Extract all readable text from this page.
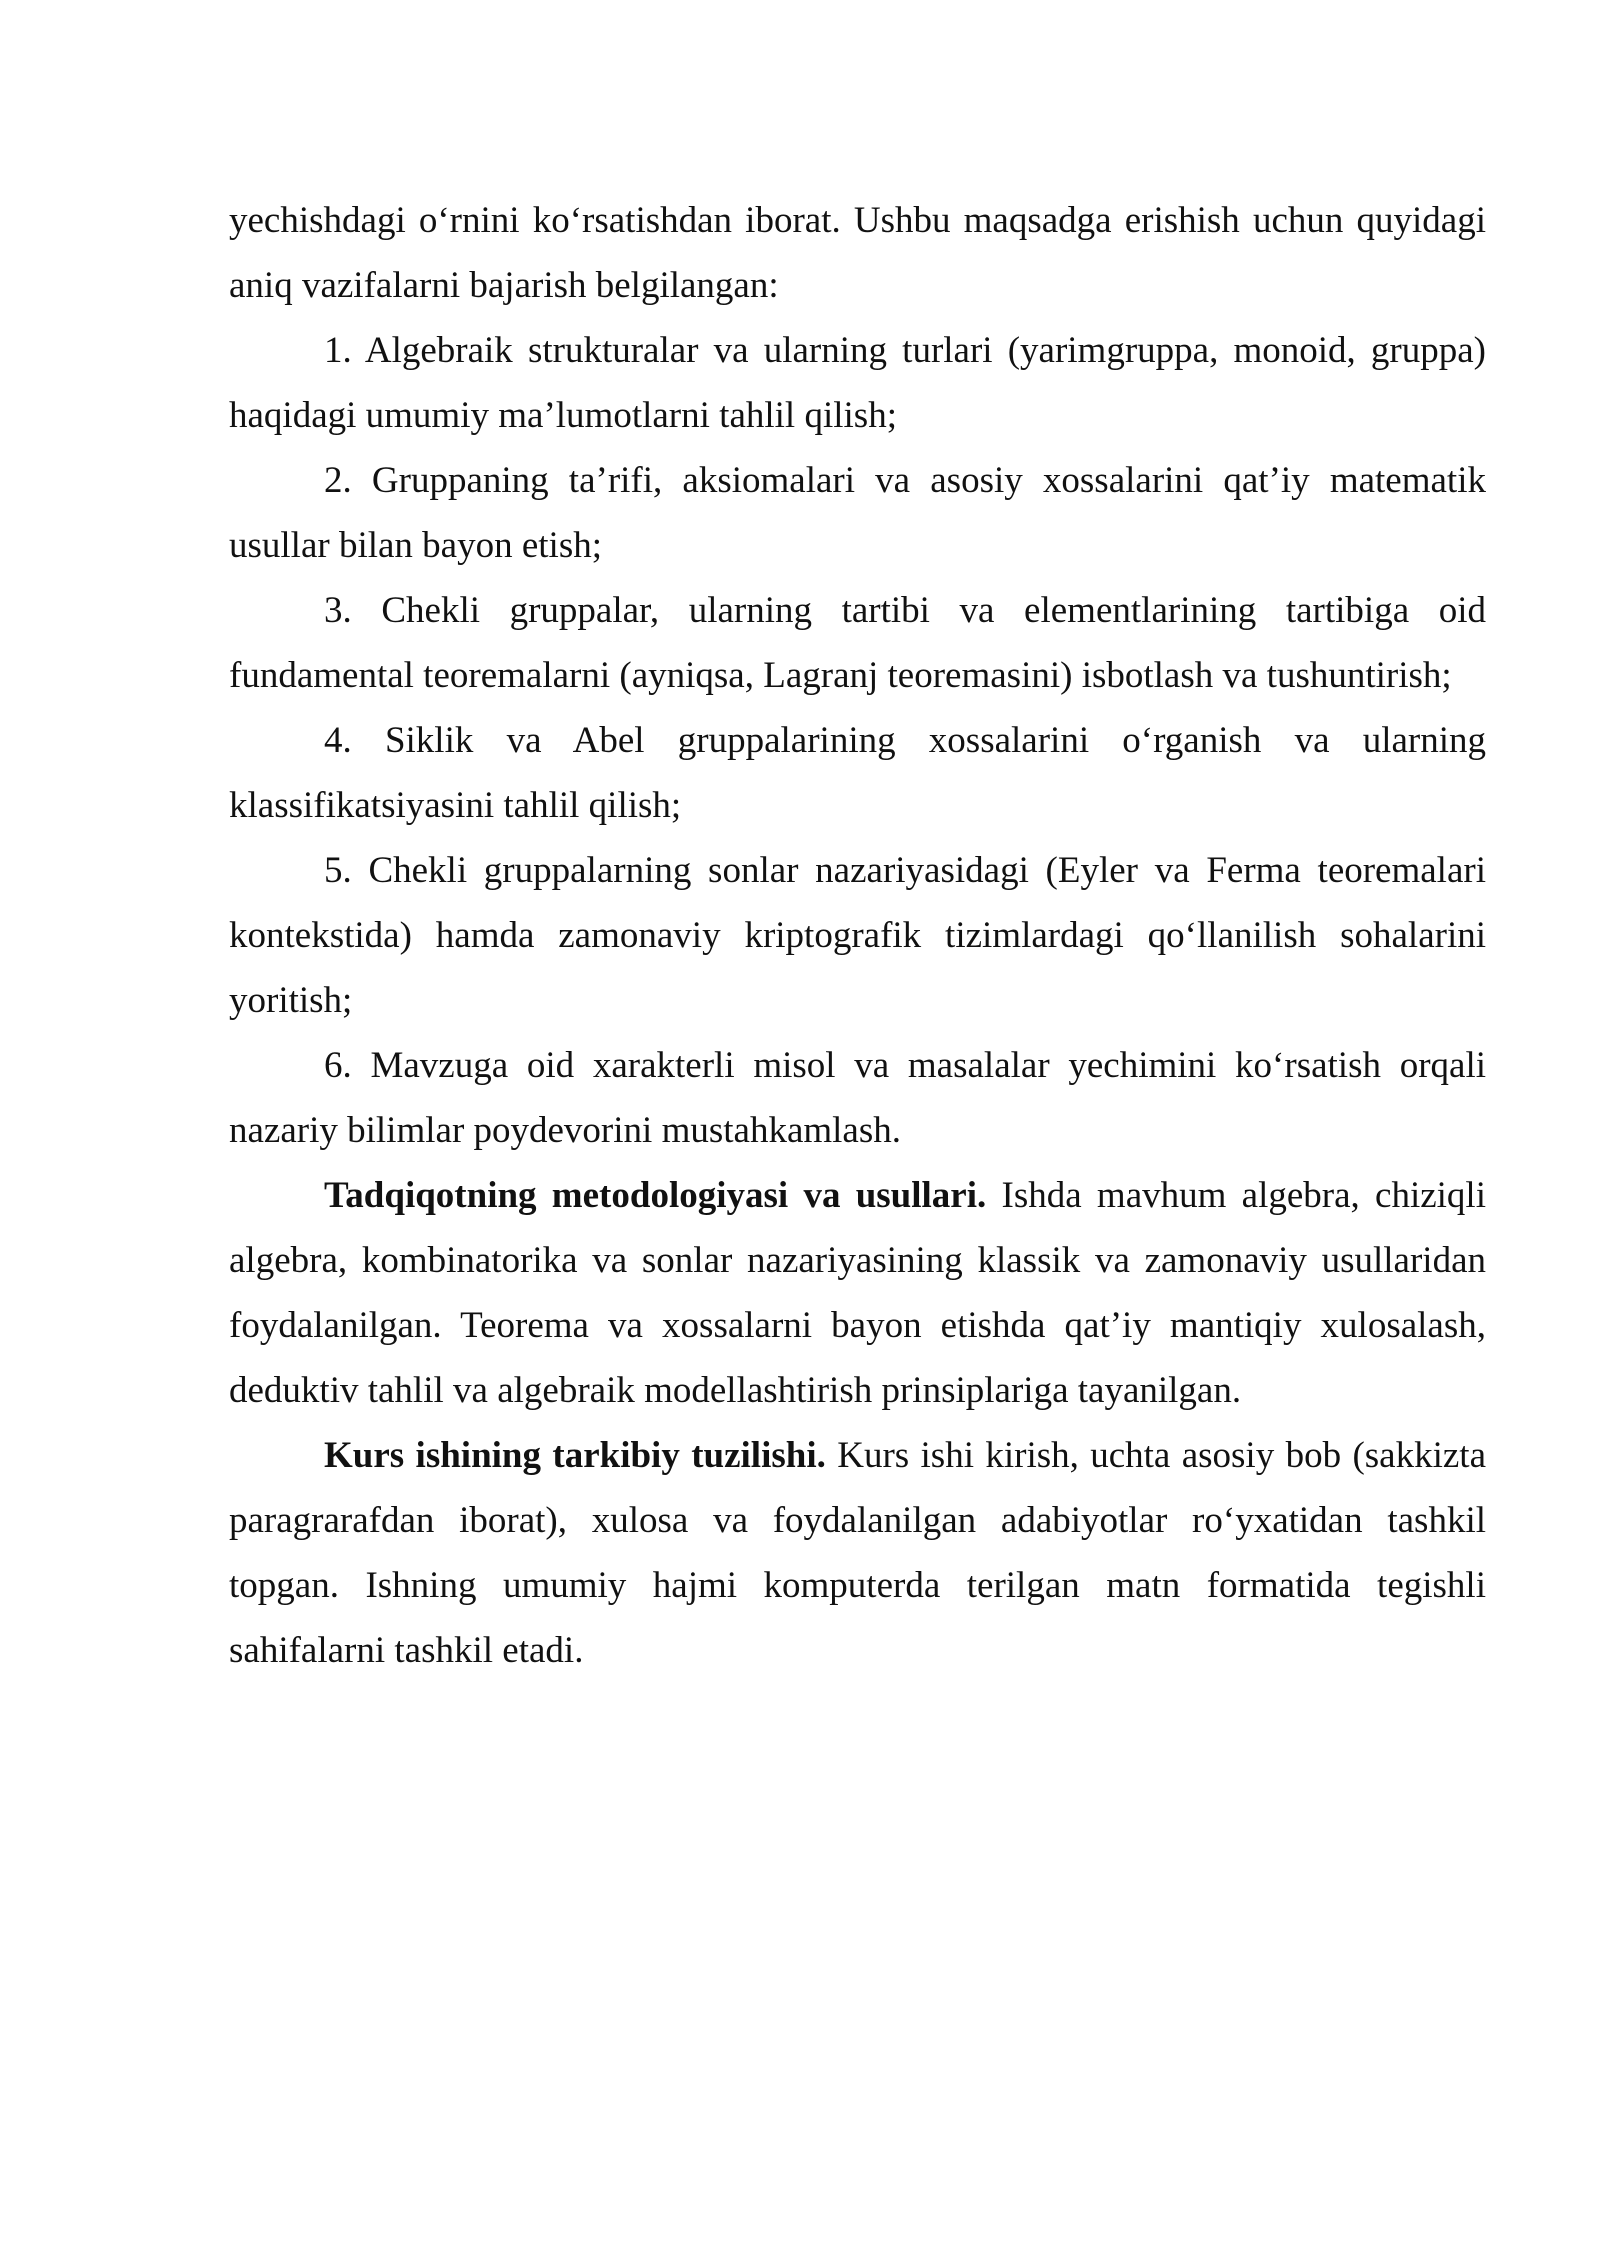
yechishdagi o‘rnini ko‘rsatishdan iborat. Ushbu maqsadga erishish uchun quyidagi aniq vazifalarni bajarish belgilangan:

1. Algebraik strukturalar va ularning turlari (yarimgruppa, monoid, gruppa) haqidagi umumiy ma’lumotlarni tahlil qilish;

2. Gruppaning ta’rifi, aksiomalari va asosiy xossalarini qat’iy matematik usullar bilan bayon etish;

3. Chekli gruppalar, ularning tartibi va elementlarining tartibiga oid fundamental teoremalarni (ayniqsa, Lagranj teoremasini) isbotlash va tushuntirish;

4. Siklik va Abel gruppalarining xossalarini o‘rganish va ularning klassifikatsiyasini tahlil qilish;

5. Chekli gruppalarning sonlar nazariyasidagi (Eyler va Ferma teoremalari kontekstida) hamda zamonaviy kriptografik tizimlardagi qo‘llanilish sohalarini yoritish;

6. Mavzuga oid xarakterli misol va masalalar yechimini ko‘rsatish orqali nazariy bilimlar poydevorini mustahkamlash.

Tadqiqotning metodologiyasi va usullari. Ishda mavhum algebra, chiziqli algebra, kombinatorika va sonlar nazariyasining klassik va zamonaviy usullaridan foydalanilgan. Teorema va xossalarni bayon etishda qat’iy mantiqiy xulosalash, deduktiv tahlil va algebraik modellashtirish prinsiplariga tayanilgan.

Kurs ishining tarkibiy tuzilishi. Kurs ishi kirish, uchta asosiy bob (sakkizta paragrarafdan iborat), xulosa va foydalanilgan adabiyotlar ro‘yxatidan tashkil topgan. Ishning umumiy hajmi komputerda terilgan matn formatida tegishli sahifalarni tashkil etadi.
